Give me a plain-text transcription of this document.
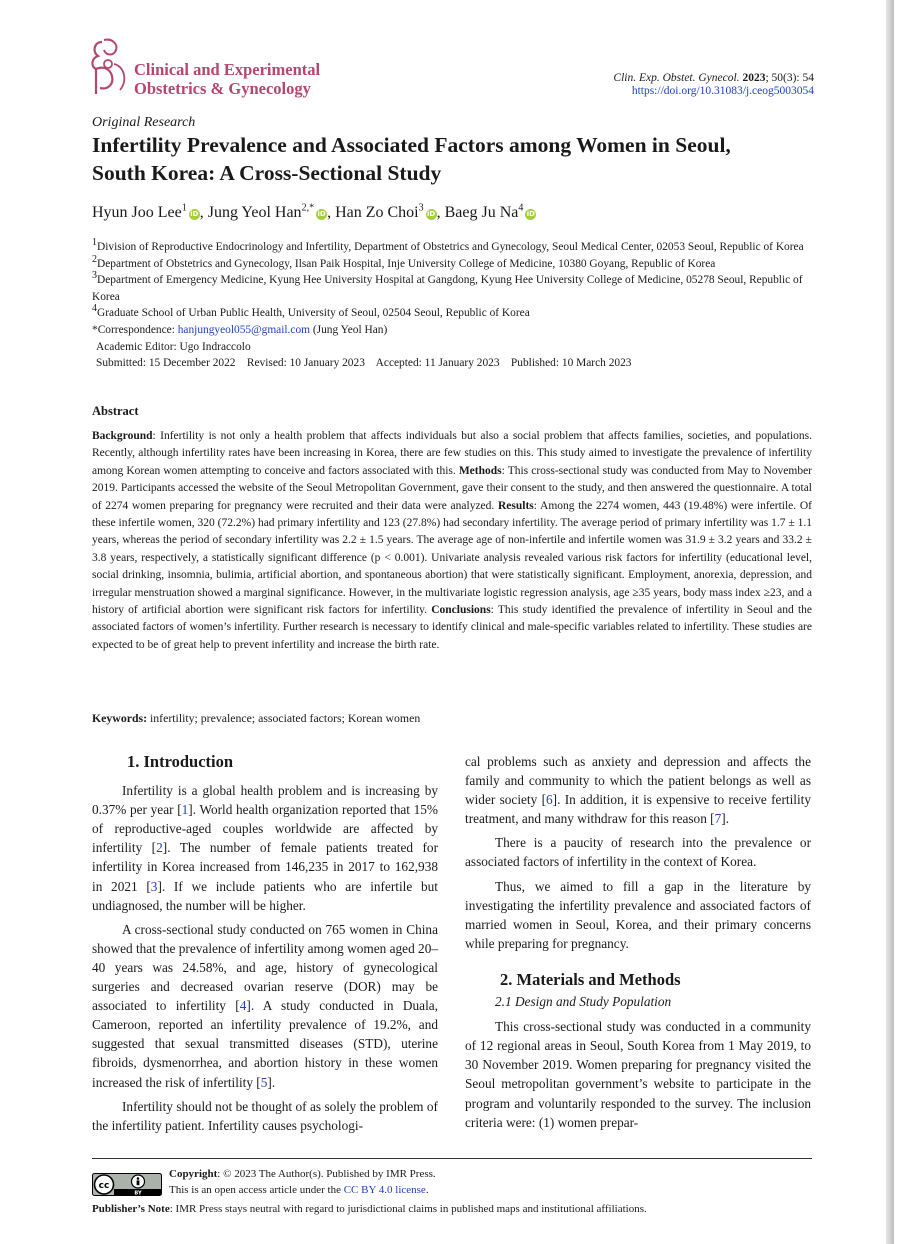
Clinical and Experimental
Obstetrics & Gynecology
Clin. Exp. Obstet. Gynecol. 2023; 50(3): 54
https://doi.org/10.31083/j.ceog5003054
Original Research
Infertility Prevalence and Associated Factors among Women in Seoul,
South Korea: A Cross-Sectional Study
Hyun Joo Lee$^1$iD, Jung Yeol Han$^{2,*}$iD, Han Zo Choi$^3$iD, Baeg Ju Na$^4$iD

1Division of Reproductive Endocrinology and Infertility, Department of Obstetrics and Gynecology, Seoul Medical Center, 02053 Seoul, Republic of Korea

2Department of Obstetrics and Gynecology, Ilsan Paik Hospital, Inje University College of Medicine, 10380 Goyang, Republic of Korea

3Department of Emergency Medicine, Kyung Hee University Hospital at Gangdong, Kyung Hee University College of Medicine, 05278 Seoul, Republic of Korea

4Graduate School of Urban Public Health, University of Seoul, 02504 Seoul, Republic of Korea

*Correspondence: hanjungyeol055@gmail.com (Jung Yeol Han)

Academic Editor: Ugo Indraccolo

Submitted: 15 December 2022    Revised: 10 January 2023    Accepted: 11 January 2023    Published: 10 March 2023

Abstract
Background: Infertility is not only a health problem that affects individuals but also a social problem that affects families, societies, and populations. Recently, although infertility rates have been increasing in Korea, there are few studies on this. This study aimed to investigate the prevalence of infertility among Korean women attempting to conceive and factors associated with this. Methods: This cross-sectional study was conducted from May to November 2019. Participants accessed the website of the Seoul Metropolitan Government, gave their consent to the study, and then answered the questionnaire. A total of 2274 women preparing for pregnancy were recruited and their data were analyzed. Results: Among the 2274 women, 443 (19.48%) were infertile. Of these infertile women, 320 (72.2%) had primary infertility and 123 (27.8%) had secondary infertility. The average period of primary infertility was 1.7 ± 1.1 years, whereas the period of secondary infertility was 2.2 ± 1.5 years. The average age of non-infertile and infertile women was 31.9 ± 3.2 years and 33.2 ± 3.8 years, respectively, a statistically significant difference (p < 0.001). Univariate analysis revealed various risk factors for infertility (educational level, social drinking, insomnia, bulimia, artificial abortion, and spontaneous abortion) that were statistically significant. Employment, anorexia, depression, and irregular menstruation showed a marginal significance. However, in the multivariate logistic regression analysis, age ≥35 years, body mass index ≥23, and a history of artificial abortion were significant risk factors for infertility. Conclusions: This study identified the prevalence of infertility in Seoul and the associated factors of women’s infertility. Further research is necessary to identify clinical and male-specific variables related to infertility. These studies are expected to be of great help to prevent infertility and increase the birth rate.
Keywords: infertility; prevalence; associated factors; Korean women

1. Introduction

Infertility is a global health problem and is increasing by 0.37% per year [1]. World health organization reported that 15% of reproductive-aged couples worldwide are affected by infertility [2]. The number of female patients treated for infertility in Korea increased from 146,235 in 2017 to 162,938 in 2021 [3]. If we include patients who are infertile but undiagnosed, the number will be higher.

A cross-sectional study conducted on 765 women in China showed that the prevalence of infertility among women aged 20–40 years was 24.58%, and age, history of gynecological surgeries and decreased ovarian reserve (DOR) may be associated to infertility [4]. A study conducted in Duala, Cameroon, reported an infertility prevalence of 19.2%, and suggested that sexual transmitted diseases (STD), uterine fibroids, dysmenorrhea, and abortion history in these women increased the risk of infertility [5].

Infertility should not be thought of as solely the problem of the infertility patient. Infertility causes psychologi-

cal problems such as anxiety and depression and affects the family and community to which the patient belongs as well as wider society [6]. In addition, it is expensive to receive fertility treatment, and many withdraw for this reason [7].

There is a paucity of research into the prevalence or associated factors of infertility in the context of Korea.

Thus, we aimed to fill a gap in the literature by investigating the infertility prevalence and associated factors of married women in Seoul, Korea, and their primary concerns while preparing for pregnancy.

2. Materials and Methods

2.1 Design and Study Population

This cross-sectional study was conducted in a community of 12 regional areas in Seoul, South Korea from 1 May 2019, to 30 November 2019. Women preparing for pregnancy visited the Seoul metropolitan government’s website to participate in the program and voluntarily responded to the survey. The inclusion criteria were: (1) women prepar-

cc
BY
Copyright: © 2023 The Author(s). Published by IMR Press.
This is an open access article under the CC BY 4.0 license.
Publisher’s Note: IMR Press stays neutral with regard to jurisdictional claims in published maps and institutional affiliations.
